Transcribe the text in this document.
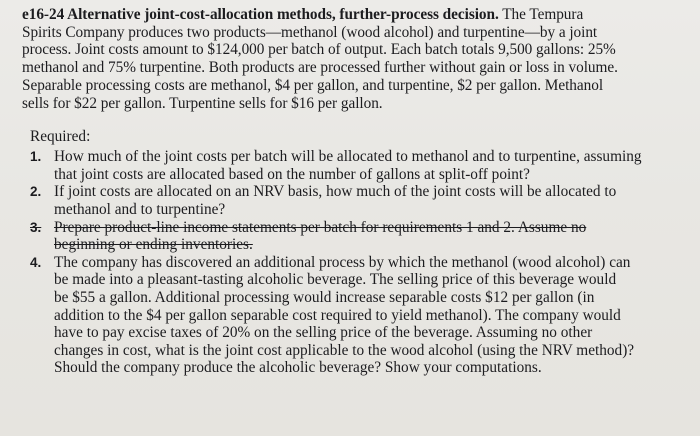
e16-24 Alternative joint-cost-allocation methods, further-process decision. The Tempura
Spirits Company produces two products—methanol (wood alcohol) and turpentine—by a joint
process. Joint costs amount to $124,000 per batch of output. Each batch totals 9,500 gallons: 25%
methanol and 75% turpentine. Both products are processed further without gain or loss in volume.
Separable processing costs are methanol, $4 per gallon, and turpentine, $2 per gallon. Methanol
sells for $22 per gallon. Turpentine sells for $16 per gallon.

Required:
1. How much of the joint costs per batch will be allocated to methanol and to turpentine, assuming
that joint costs are allocated based on the number of gallons at split-off point?
2. If joint costs are allocated on an NRV basis, how much of the joint costs will be allocated to
methanol and to turpentine?
3. Prepare product-line income statements per batch for requirements 1 and 2. Assume no
beginning or ending inventories.
4. The company has discovered an additional process by which the methanol (wood alcohol) can
be made into a pleasant-tasting alcoholic beverage. The selling price of this beverage would
be $55 a gallon. Additional processing would increase separable costs $12 per gallon (in
addition to the $4 per gallon separable cost required to yield methanol). The company would
have to pay excise taxes of 20% on the selling price of the beverage. Assuming no other
changes in cost, what is the joint cost applicable to the wood alcohol (using the NRV method)?
Should the company produce the alcoholic beverage? Show your computations.
